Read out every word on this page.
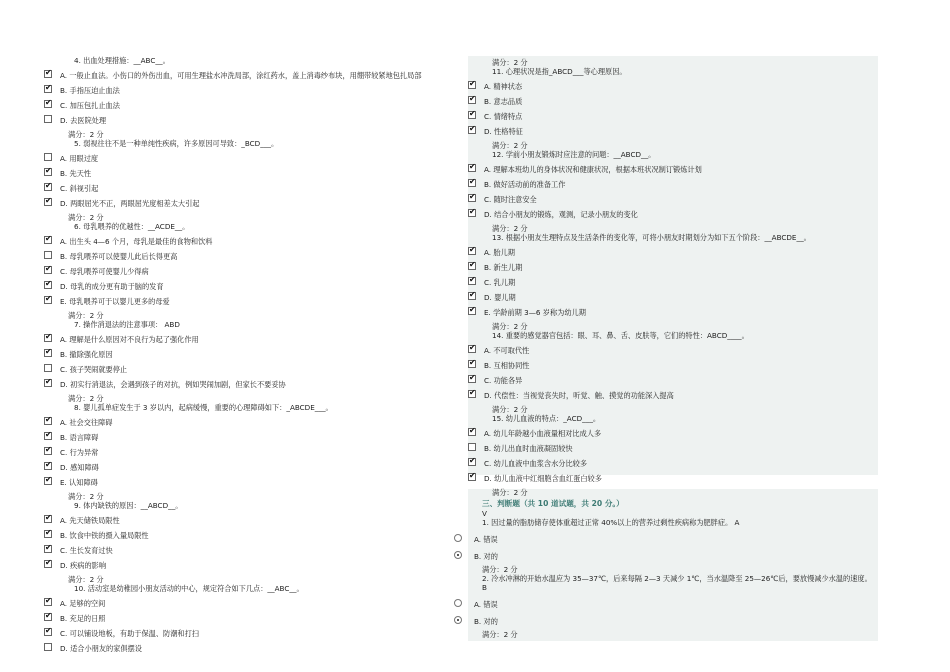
4. 出血处理措施：__ABC__。
✔
A. 一般止血法。小伤口的外伤出血，可用生理盐水冲洗局部，涂红药水，盖上消毒纱布块，用绷带较紧地包扎局部
✔
B. 手指压迫止血法
✔
C. 加压包扎止血法
D. 去医院处理
满分：2 分
5. 弱视往往不是一种单纯性疾病，许多原因可导致：_BCD___。
A. 用眼过度
✔
B. 先天性
✔
C. 斜视引起
✔
D. 两眼屈光不正，两眼屈光度相差太大引起
满分：2 分
6. 母乳喂养的优越性：__ACDE__。
✔
A. 出生头 4—6 个月，母乳是最佳的食物和饮料
B. 母乳喂养可以使婴儿此后长得更高
✔
C. 母乳喂养可使婴儿少得病
✔
D. 母乳的成分更有助于脑的发育
✔
E. 母乳喂养可于以婴儿更多的母爱
满分：2 分
7. 操作消退法的注意事项： ABD
✔
A. 理解是什么原因对不良行为起了强化作用
✔
B. 撤除强化原因
C. 孩子哭闹就要停止
✔
D. 初实行消退法，会遇到孩子的对抗，例如哭闹加剧，但家长不要妥协
满分：2 分
8. 婴儿孤单症发生于 3 岁以内，起病缓慢，重要的心理障碍如下：_ABCDE___。
✔
A. 社会交往障碍
✔
B. 语言障碍
✔
C. 行为异常
✔
D. 感知障碍
✔
E. 认知障碍
满分：2 分
9. 体内缺铁的原因：__ABCD__。
✔
A. 先天储铁局限性
✔
B. 饮食中铁的摄入量局限性
✔
C. 生长发育过快
✔
D. 疾病的影响
满分：2 分
10. 活动室是幼稚园小朋友活动的中心，规定符合如下几点：__ABC__。
✔
A. 足够的空间
✔
B. 充足的日照
✔
C. 可以铺设地板，有助于保温、防潮和打扫
D. 适合小朋友的家俱摆设
满分：2 分
11. 心理状况是指_ABCD___等心理原因。
✔
A. 精神状态
✔
B. 意志品质
✔
C. 情绪特点
✔
D. 性格特征
满分：2 分
12. 学前小朋友锻炼时应注意的问题：__ABCD__。
✔
A. 理解本班幼儿的身体状况和健康状况，根据本班状况制订锻炼计划
✔
B. 做好活动前的准备工作
✔
C. 随时注意安全
✔
D. 结合小朋友的锻炼，观测，记录小朋友的变化
满分：2 分
13. 根据小朋友生理特点及生活条件的变化等，可将小朋友时期划分为如下五个阶段：__ABCDE__。
✔
A. 胎儿期
✔
B. 新生儿期
✔
C. 乳儿期
✔
D. 婴儿期
✔
E. 学龄前期 3—6 岁称为幼儿期
满分：2 分
14. 重要的感觉器官包括：眼、耳、鼻、舌、皮肤等，它们的特性：ABCD____。
✔
A. 不可取代性
✔
B. 互相协同性
✔
C. 功能各异
✔
D. 代偿性：当视觉丧失时，听觉、触、摸觉的功能深入提高
满分：2 分
15. 幼儿血液的特点：_ACD___。
✔
A. 幼儿年龄越小血液量相对比成人多
B. 幼儿出血时血液凝固较快
✔
C. 幼儿血液中血浆含水分比较多
✔
D. 幼儿血液中红细胞含血红蛋白较多
满分：2 分
三、判断题（共 10 道试题，共 20 分。）
V
1. 因过量的脂肪储存使体重超过正常 40%以上的营养过剩性疾病称为肥胖症。 A
A. 错误
B. 对的
满分：2 分
2. 冷水冲淋的开始水温应为 35—37℃，后来每隔 2—3 天减少 1℃，当水温降至 25—26℃后，要放慢减少水温的速度。B
A. 错误
B. 对的
满分：2 分
